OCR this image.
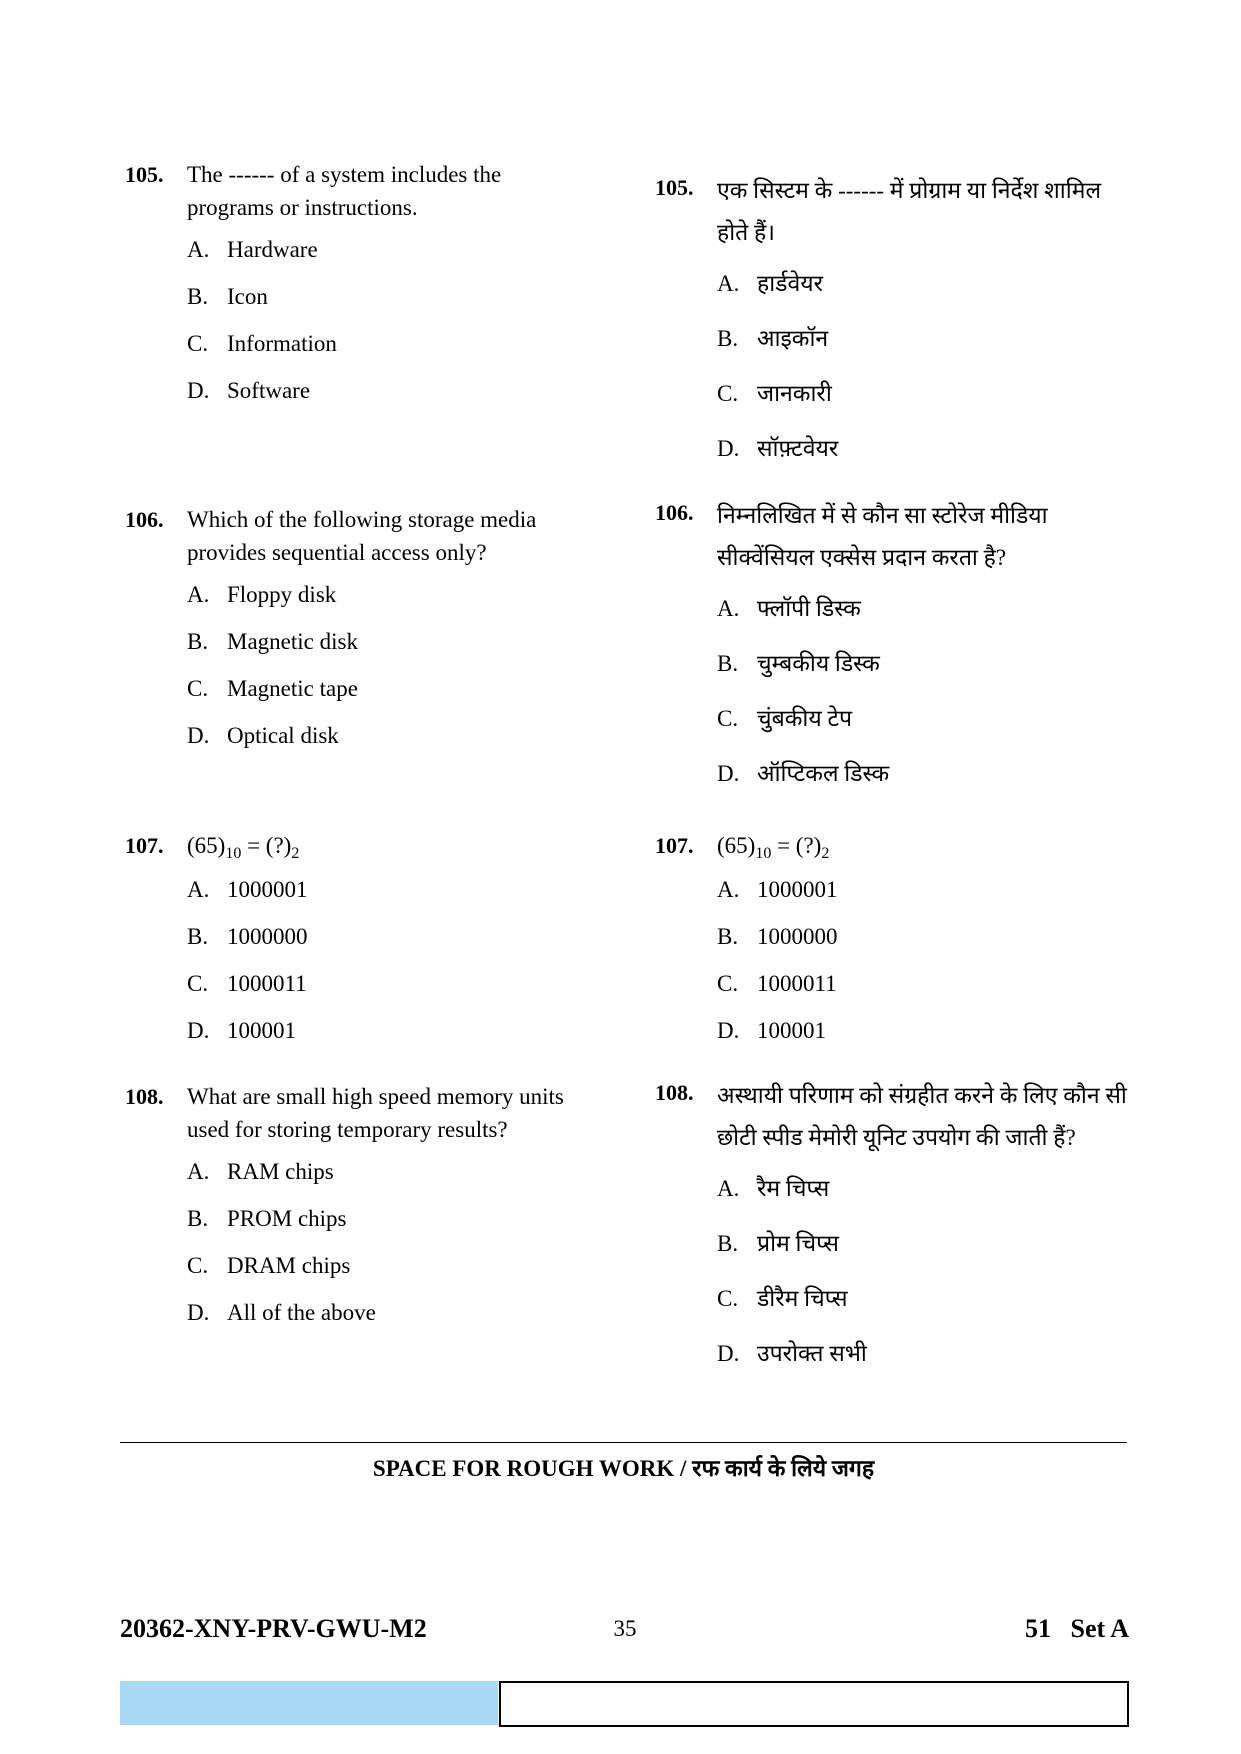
105. The ------ of a system includes the programs or instructions.
A. Hardware
B. Icon
C. Information
D. Software
106. Which of the following storage media provides sequential access only?
A. Floppy disk
B. Magnetic disk
C. Magnetic tape
D. Optical disk
107. $(65)_{10}$ = $(?)_2$
A. 1000001
B. 1000000
C. 1000011
D. 100001
108. What are small high speed memory units used for storing temporary results?
A. RAM chips
B. PROM chips
C. DRAM chips
D. All of the above
105. एक सिस्टम के ------ में प्रोग्राम या निर्देश शामिल होते हैं।
A. हार्डवेयर
B. आइकॉन
C. जानकारी
D. सॉफ़्टवेयर
106. निम्नलिखित में से कौन सा स्टोरेज मीडिया सीक्वेंसियल एक्सेस प्रदान करता है?
A. फ्लॉपी डिस्क
B. चुम्बकीय डिस्क
C. चुंबकीय टेप
D. ऑप्टिकल डिस्क
107. $(65)_{10}$ = $(?)_2$
A. 1000001
B. 1000000
C. 1000011
D. 100001
108. अस्थायी परिणाम को संग्रहीत करने के लिए कौन सी छोटी स्पीड मेमोरी यूनिट उपयोग की जाती हैं?
A. रैम चिप्स
B. प्रोम चिप्स
C. डीरैम चिप्स
D. उपरोक्त सभी
SPACE FOR ROUGH WORK / रफ कार्य के लिये जगह
20362-XNY-PRV-GWU-M2	35	51   Set A
